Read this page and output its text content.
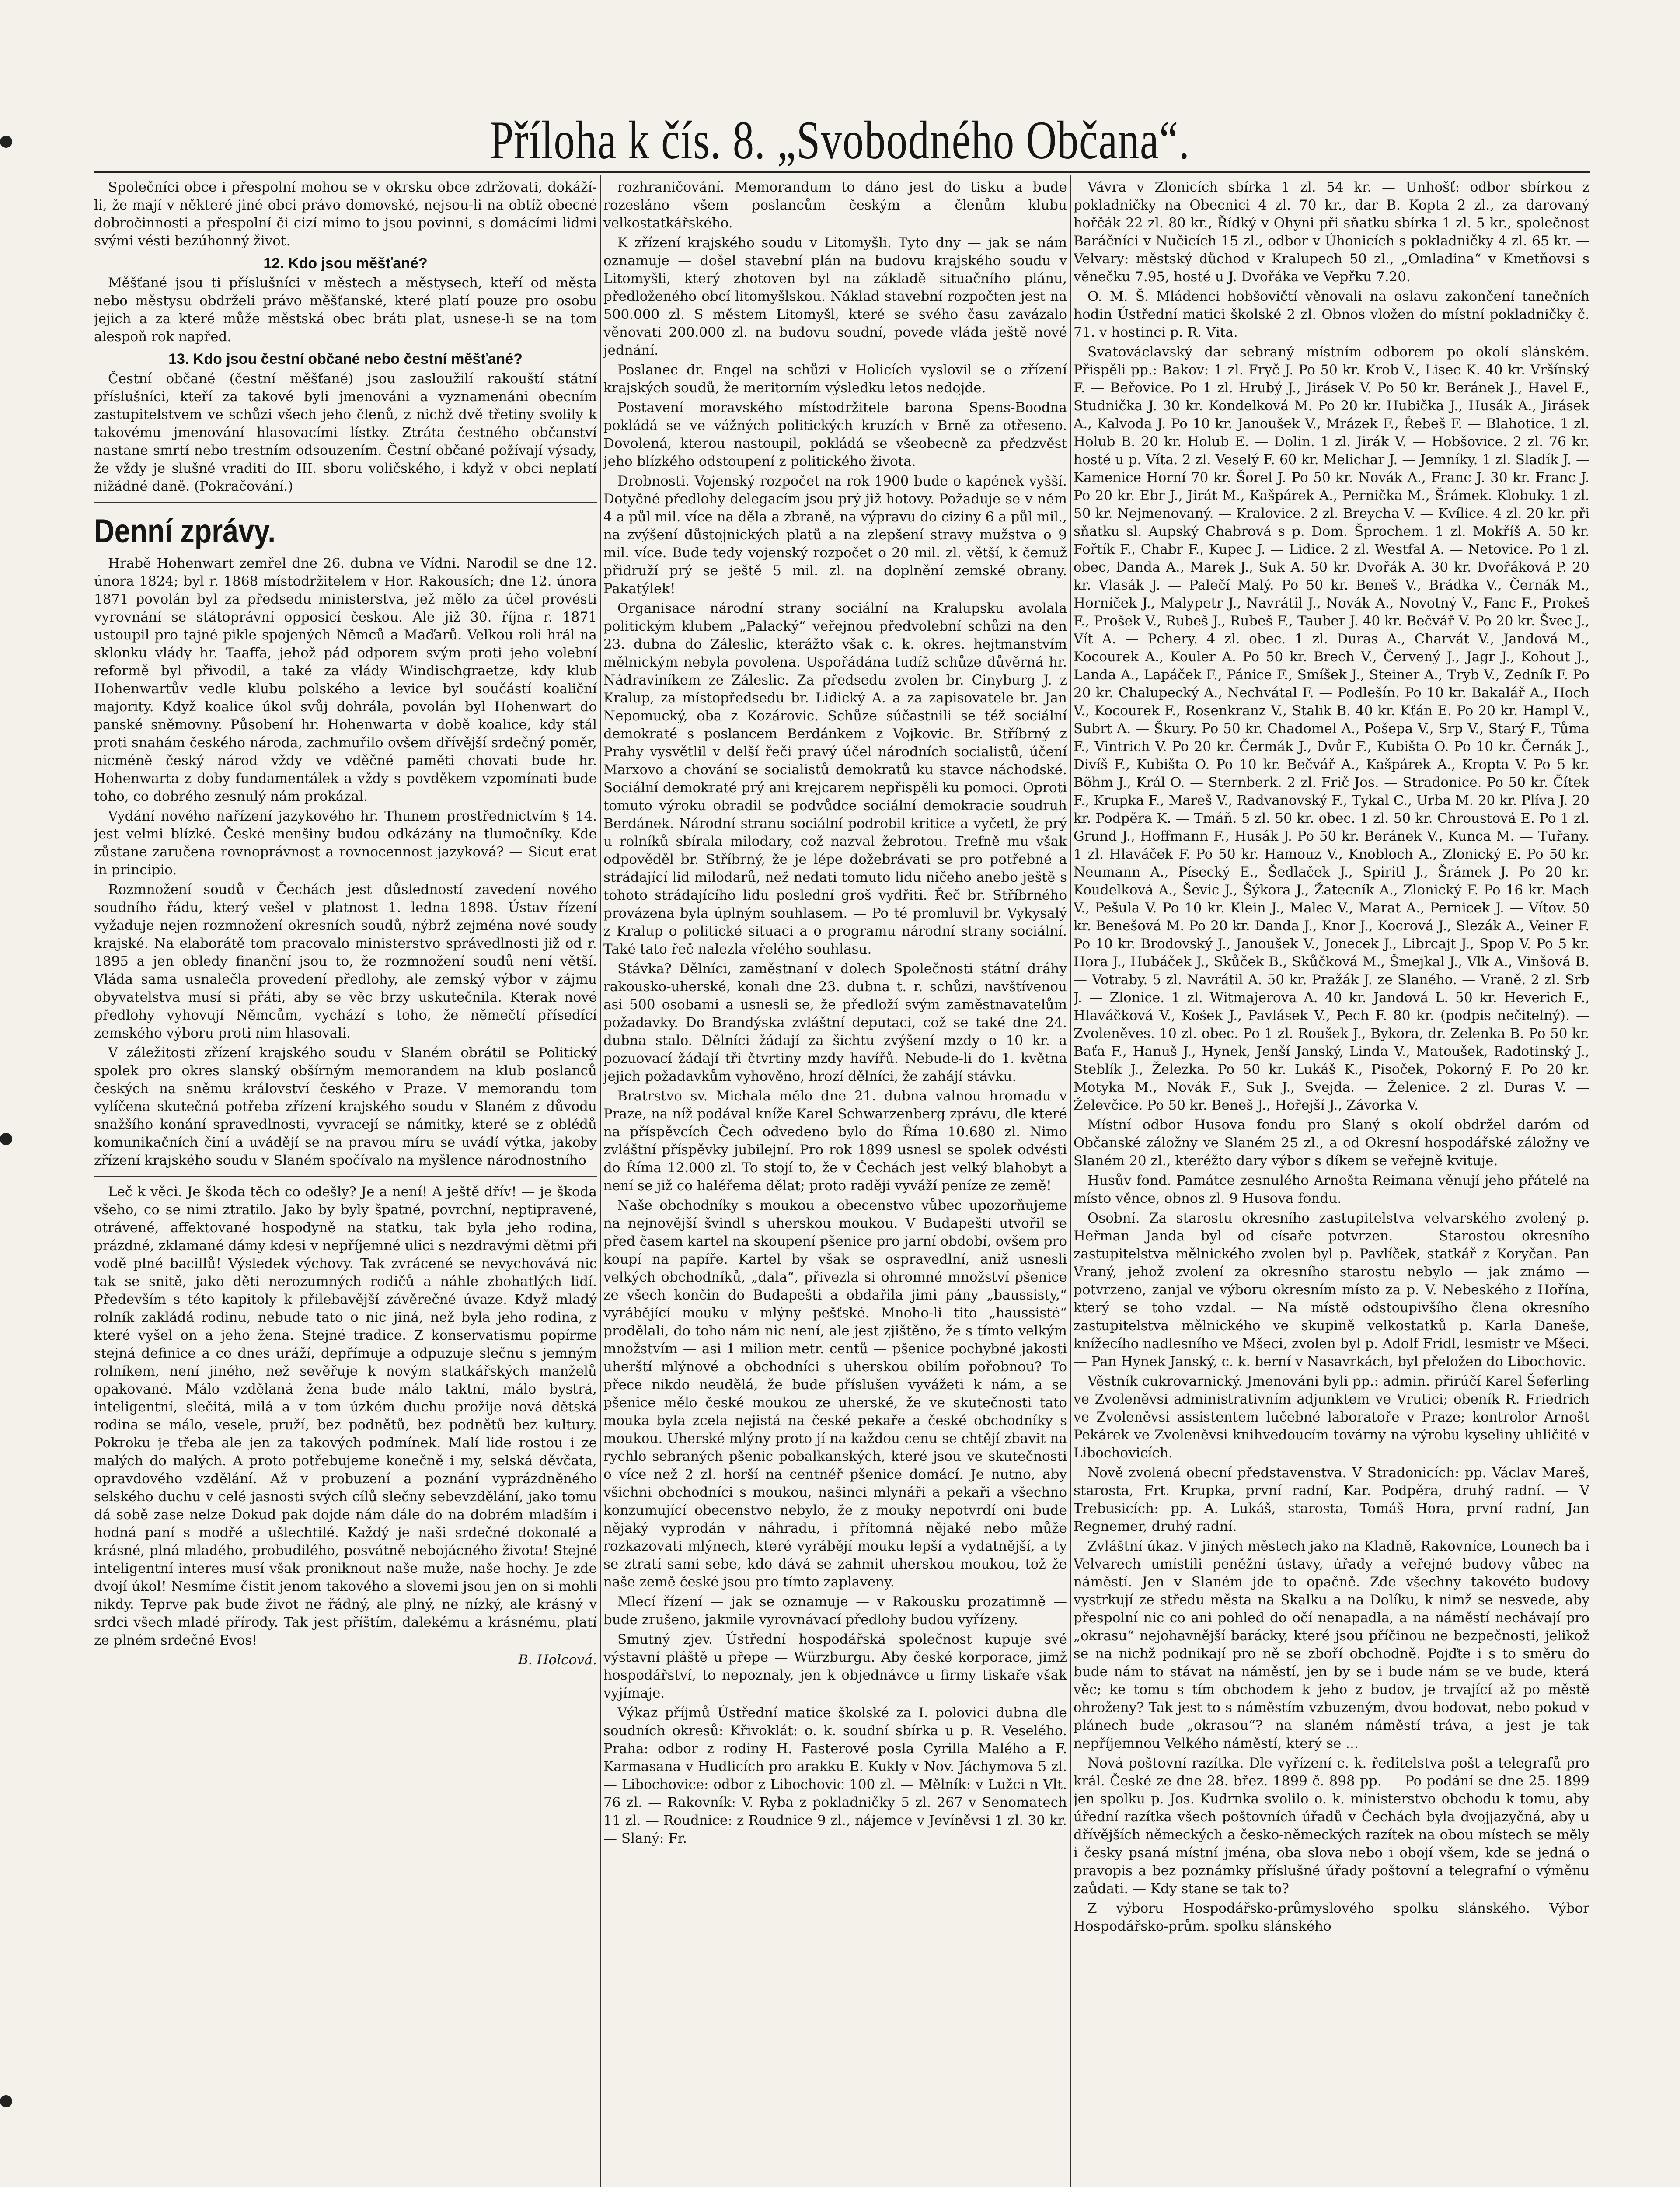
Příloha k čís. 8. „Svobodného Občana“.

Společníci obce i přespolní mohou se v okrsku obce zdržovati, dokáží-li, že mají v některé jiné obci právo domovské, nejsou-li na obtíž obecné dobročinnosti a přespolní či cizí mimo to jsou povinni, s domácími lidmi svými vésti bezúhonný život.

12. Kdo jsou měšťané?

Měšťané jsou ti příslušníci v městech a městysech, kteří od města nebo městysu obdrželi právo měšťanské, které platí pouze pro osobu jejich a za které může městská obec bráti plat, usnese-li se na tom alespoň rok napřed.

13. Kdo jsou čestní občané nebo čestní měšťané?

Čestní občané (čestní měšťané) jsou zasloužilí rakouští státní příslušníci, kteří za takové byli jmenováni a vyznamenáni obecním zastupitelstvem ve schůzi všech jeho členů, z nichž dvě třetiny svolily k takovému jmenování hlasovacími lístky. Ztráta čestného občanství nastane smrtí nebo trestním odsouzením. Čestní občané požívají výsady, že vždy je slušné vraditi do III. sboru voličského, i když v obci neplatí nižádné daně. (Pokračování.)

Denní zprávy.

Hrabě Hohenwart zemřel dne 26. dubna ve Vídni. Narodil se dne 12. února 1824; byl r. 1868 místodržitelem v Hor. Rakousích; dne 12. února 1871 povolán byl za předsedu ministerstva, jež mělo za účel provésti vyrovnání se státoprávní opposicí českou. Ale již 30. října r. 1871 ustoupil pro tajné pikle spojených Němců a Maďarů. Velkou roli hrál na sklonku vlády hr. Taaffa, jehož pád odporem svým proti jeho volební reformě byl přivodil, a také za vlády Windischgraetze, kdy klub Hohenwartův vedle klubu polského a levice byl součástí koaliční majority. Když koalice úkol svůj dohrála, povolán byl Hohenwart do panské sněmovny. Působení hr. Hohenwarta v době koalice, kdy stál proti snahám českého národa, zachmuřilo ovšem dřívější srdečný poměr, nicméně český národ vždy ve vděčné paměti chovati bude hr. Hohenwarta z doby fundamentálek a vždy s povděkem vzpomínati bude toho, co dobrého zesnulý nám prokázal.

Vydání nového nařízení jazykového hr. Thunem prostřednictvím § 14. jest velmi blízké. České menšiny budou odkázány na tlumočníky. Kde zůstane zaručena rovnoprávnost a rovnocennost jazyková? — Sicut erat in principio.

Rozmnožení soudů v Čechách jest důsledností zavedení nového soudního řádu, který vešel v platnost 1. ledna 1898. Ústav řízení vyžaduje nejen rozmnožení okresních soudů, nýbrž zejména nové soudy krajské. Na elaborátě tom pracovalo ministerstvo správedlnosti již od r. 1895 a jen obledy finanční jsou to, že rozmnožení soudů není větší. Vláda sama usnalečla provedení předlohy, ale zemský výbor v zájmu obyvatelstva musí si přáti, aby se věc brzy uskutečnila. Kterak nové předlohy vyhovují Němcům, vychází s toho, že němečtí přísedící zemského výboru proti nim hlasovali.

V záležitosti zřízení krajského soudu v Slaném obrátil se Politický spolek pro okres slanský obšírným memorandem na klub poslanců českých na sněmu království českého v Praze. V memorandu tom vylíčena skutečná potřeba zřízení krajského soudu v Slaném z důvodu snažšího konání spravedlnosti, vyvracejí se námitky, které se z oblédů komunikačních činí a uvádějí se na pravou míru se uvádí výtka, jakoby zřízení krajského soudu v Slaném spočívalo na myšlence národnostního

Leč k věci. Je škoda těch co odešly? Je a není! A ještě dřív! — je škoda všeho, co se nimi ztratilo. Jako by byly špatné, povrchní, neptipravené, otrávené, affektované hospodyně na statku, tak byla jeho rodina, prázdné, zklamané dámy kdesi v nepříjemné ulici s nezdravými dětmi při vodě plné bacillů! Výsledek výchovy. Tak zvrácené se nevychovává nic tak se snitě, jako děti nerozumných rodičů a náhle zbohatlých lidí. Především s této kapitoly k přilebavější závěrečné úvaze. Když mladý rolník zakládá rodinu, nebude tato o nic jiná, než byla jeho rodina, z které vyšel on a jeho žena. Stejné tradice. Z konservatismu popírme stejná definice a co dnes uráží, depřímuje a odpuzuje slečnu s jemným rolníkem, není jiného, než sevěřuje k novým statkářských manželů opakované. Málo vzdělaná žena bude málo taktní, málo bystrá, inteligentní, slečitá, milá a v tom úzkém duchu prožije nová dětská rodina se málo, vesele, pruží, bez podnětů, bez podnětů bez kultury. Pokroku je třeba ale jen za takových podmínek. Malí lide rostou i ze malých do malých. A proto potřebujeme konečně i my, selská děvčata, opravdového vzdělání. Až v probuzení a poznání vyprázdněného selského duchu v celé jasnosti svých cílů slečny sebevzdělání, jako tomu dá sobě zase nelze Dokud pak dojde nám dále do na dobrém mladším i hodná paní s modřé a ušlechtilé. Každý je naši srdečné dokonalé a krásné, plná mladého, probudilého, posvátně nebojácného života! Stejné inteligentní interes musí však proniknout naše muže, naše hochy. Je zde dvojí úkol! Nesmíme čistit jenom takového a slovemi jsou jen on si mohli nikdy. Teprve pak bude život ne řádný, ale plný, ne nízký, ale krásný v srdci všech mladé přírody. Tak jest příštím, dalekému a krásnému, platí ze plném srdečné Evos!

B. Holcová.

rozhraničování. Memorandum to dáno jest do tisku a bude rozesláno všem poslancům českým a členům klubu velkostatkářského.

K zřízení krajského soudu v Litomyšli. Tyto dny — jak se nám oznamuje — došel stavební plán na budovu krajského soudu v Litomyšli, který zhotoven byl na základě situačního plánu, předloženého obcí litomyšlskou. Náklad stavební rozpočten jest na 500.000 zl. S městem Litomyšl, které se svého času zavázalo věnovati 200.000 zl. na budovu soudní, povede vláda ještě nové jednání.

Poslanec dr. Engel na schůzi v Holicích vyslovil se o zřízení krajských soudů, že meritorním výsledku letos nedojde.

Postavení moravského místodržitele barona Spens-Boodna pokládá se ve vážných politických kruzích v Brně za otřeseno. Dovolená, kterou nastoupil, pokládá se všeobecně za předzvěst jeho blízkého odstoupení z politického života.

Drobnosti. Vojenský rozpočet na rok 1900 bude o kapének vyšší. Dotyčné předlohy delegacím jsou prý již hotovy. Požaduje se v něm 4 a půl mil. více na děla a zbraně, na výpravu do ciziny 6 a půl mil., na zvýšení důstojnických platů a na zlepšení stravy mužstva o 9 mil. více. Bude tedy vojenský rozpočet o 20 mil. zl. větší, k čemuž přidruží prý se ještě 5 mil. zl. na doplnění zemské obrany. Pakatýlek!

Organisace národní strany sociální na Kralupsku avolala politickým klubem „Palacký“ veřejnou předvolební schůzi na den 23. dubna do Záleslic, kterážto však c. k. okres. hejtmanstvím mělnickým nebyla povolena. Uspořádána tudíž schůze důvěrná hr. Nádraviníkem ze Záleslic. Za předsedu zvolen br. Cinyburg J. z Kralup, za místopředsedu br. Lidický A. a za zapisovatele br. Jan Nepomucký, oba z Kozárovic. Schůze súčastnili se též sociální demokraté s poslancem Berdánkem z Vojkovic. Br. Stříbrný z Prahy vysvětlil v delší řeči pravý účel národních socialistů, účení Marxovo a chování se socialistů demokratů ku stavce náchodské. Sociální demokraté prý ani krejcarem nepřispěli ku pomoci. Oproti tomuto výroku obradil se podvůdce sociální demokracie soudruh Berdánek. Národní stranu sociální podrobil kritice a vyčetl, že prý u rolníků sbírala milodary, což nazval žebrotou. Trefně mu však odpověděl br. Stříbrný, že je lépe dožebrávati se pro potřebné a strádající lid milodarů, než nedati tomuto lidu ničeho anebo ještě s tohoto strádajícího lidu poslední groš vydřiti. Řeč br. Stříbrného provázena byla úplným souhlasem. — Po té promluvil br. Vykysalý z Kralup o politické situaci a o programu národní strany sociální. Také tato řeč nalezla vřelého souhlasu.

Stávka? Dělníci, zaměstnaní v dolech Společnosti státní dráhy rakousko-uherské, konali dne 23. dubna t. r. schůzi, navštívenou asi 500 osobami a usnesli se, že předloží svým zaměstnavatelům požadavky. Do Brandýska zvláštní deputaci, což se také dne 24. dubna stalo. Dělníci žádají za šichtu zvýšení mzdy o 10 kr. a pozuovací žádají tři čtvrtiny mzdy havířů. Nebude-li do 1. května jejich požadavkům vyhověno, hrozí dělníci, že zahájí stávku.

Bratrstvo sv. Michala mělo dne 21. dubna valnou hromadu v Praze, na níž podával kníže Karel Schwarzenberg zprávu, dle které na příspěvcích Čech odvedeno bylo do Říma 10.680 zl. Nimo zvláštní příspěvky jubilejní. Pro rok 1899 usnesl se spolek odvésti do Říma 12.000 zl. To stojí to, že v Čechách jest velký blahobyt a není se již co haléřema dělat; proto raději vyváží peníze ze země!

Naše obchodníky s moukou a obecenstvo vůbec upozorňujeme na nejnovější švindl s uherskou moukou. V Budapešti utvořil se před časem kartel na skoupení pšenice pro jarní období, ovšem pro koupí na papíře. Kartel by však se ospravedlní, aniž usnesli velkých obchodníků, „dala“, přivezla si ohromné množství pšenice ze všech končin do Budapešti a obdařila jimi pány „baussisty,“ vyrábějící mouku v mlýny pešťské. Mnoho-li tito „haussisté“ prodělali, do toho nám nic není, ale jest zjištěno, že s tímto velkým množstvím — asi 1 milion metr. centů — pšenice pochybné jakosti uherští mlýnové a obchodníci s uherskou obilím pořobnou? To přece nikdo neudělá, že bude příslušen vyvážeti k nám, a se pšenice mělo české moukou ze uherské, že ve skutečnosti tato mouka byla zcela nejistá na české pekaře a české obchodníky s moukou. Uherské mlýny proto jí na každou cenu se chtějí zbavit na rychlo sebraných pšenic pobalkanských, které jsou ve skutečnosti o více než 2 zl. horší na centnéř pšenice domácí. Je nutno, aby všichni obchodníci s moukou, našinci mlynáři a pekaři a všechno konzumující obecenstvo nebylo, že z mouky nepotvrdí oni bude nějaký vyprodán v náhradu, i přítomná nějaké nebo může rozkazovati mlýnech, které vyrábějí mouku lepší a vydatnější, a ty se ztratí sami sebe, kdo dává se zahmit uherskou moukou, tož že naše země české jsou pro tímto zaplaveny.

Mlecí řízení — jak se oznamuje — v Rakousku prozatimně — bude zrušeno, jakmile vyrovnávací předlohy budou vyřízeny.

Smutný zjev. Ústřední hospodářská společnost kupuje své výstavní pláště u přepe — Würzburgu. Aby české korporace, jimž hospodářství, to nepoznaly, jen k objednávce u firmy tiskaře však vyjímaje.

Výkaz příjmů Ústřední matice školské za I. polovici dubna dle soudních okresů: Křivoklát: o. k. soudní sbírka u p. R. Veselého. Praha: odbor z rodiny H. Fasterové posla Cyrilla Malého a F. Karmasana v Hudlicích pro arakku E. Kukly v Nov. Jáchymova 5 zl. — Libochovice: odbor z Libochovic 100 zl. — Mělník: v Lužci n Vlt. 76 zl. — Rakovník: V. Ryba z pokladničky 5 zl. 267 v Senomatech 11 zl. — Roudnice: z Roudnice 9 zl., nájemce v Jevíněvsi 1 zl. 30 kr. — Slaný: Fr.

Vávra v Zlonicích sbírka 1 zl. 54 kr. — Unhošť: odbor sbírkou z pokladničky na Obecnici 4 zl. 70 kr., dar B. Kopta 2 zl., za darovaný hořčák 22 zl. 80 kr., Řídký v Ohyni při sňatku sbírka 1 zl. 5 kr., společnost Baráčníci v Nučicích 15 zl., odbor v Úhonicích s pokladničky 4 zl. 65 kr. — Velvary: městský důchod v Kralupech 50 zl., „Omladina“ v Kmetňovsi s věnečku 7.95, hosté u J. Dvořáka ve Vepřku 7.20.

O. M. Š. Mládenci hobšovičtí věnovali na oslavu zakončení tanečních hodin Ústřední matici školské 2 zl. Obnos vložen do místní pokladničky č. 71. v hostinci p. R. Vita.

Svatováclavský dar sebraný místním odborem po okolí slánském. Přispěli pp.: Bakov: 1 zl. Fryč J. Po 50 kr. Krob V., Lisec K. 40 kr. Vršínský F. — Beřovice. Po 1 zl. Hrubý J., Jirásek V. Po 50 kr. Beránek J., Havel F., Studnička J. 30 kr. Kondelková M. Po 20 kr. Hubička J., Husák A., Jirásek A., Kalvoda J. Po 10 kr. Janoušek V., Mrázek F., Řebeš F. — Blahotice. 1 zl. Holub B. 20 kr. Holub E. — Dolin. 1 zl. Jirák V. — Hobšovice. 2 zl. 76 kr. hosté u p. Víta. 2 zl. Veselý F. 60 kr. Melichar J. — Jemníky. 1 zl. Sladík J. — Kamenice Horní 70 kr. Šorel J. Po 50 kr. Novák A., Franc J. 30 kr. Franc J. Po 20 kr. Ebr J., Jirát M., Kašpárek A., Pernička M., Šrámek. Klobuky. 1 zl. 50 kr. Nejmenovaný. — Kralovice. 2 zl. Breycha V. — Kvílice. 4 zl. 20 kr. při sňatku sl. Aupský Chabrová s p. Dom. Šprochem. 1 zl. Mokříš A. 50 kr. Fořtík F., Chabr F., Kupec J. — Lidice. 2 zl. Westfal A. — Netovice. Po 1 zl. obec, Danda A., Marek J., Suk A. 50 kr. Dvořák A. 30 kr. Dvořáková P. 20 kr. Vlasák J. — Palečí Malý. Po 50 kr. Beneš V., Brádka V., Černák M., Horníček J., Malypetr J., Navrátil J., Novák A., Novotný V., Fanc F., Prokeš F., Prošek V., Rubeš J., Rubeš F., Tauber J. 40 kr. Bečvář V. Po 20 kr. Švec J., Vít A. — Pchery. 4 zl. obec. 1 zl. Duras A., Charvát V., Jandová M., Kocourek A., Kouler A. Po 50 kr. Brech V., Červený J., Jagr J., Kohout J., Landa A., Lapáček F., Pánice F., Smíšek J., Steiner A., Tryb V., Zedník F. Po 20 kr. Chalupecký A., Nechvátal F. — Podlešín. Po 10 kr. Bakalář A., Hoch V., Kocourek F., Rosenkranz V., Stalik B. 40 kr. Kťán E. Po 20 kr. Hampl V., Subrt A. — Škury. Po 50 kr. Chadomel A., Pošepa V., Srp V., Starý F., Tůma F., Vintrich V. Po 20 kr. Čermák J., Dvůr F., Kubišta O. Po 10 kr. Černák J., Divíš F., Kubišta O. Po 10 kr. Bečvář A., Kašpárek A., Kropta V. Po 5 kr. Böhm J., Král O. — Sternberk. 2 zl. Frič Jos. — Stradonice. Po 50 kr. Čítek F., Krupka F., Mareš V., Radvanovský F., Tykal C., Urba M. 20 kr. Plíva J. 20 kr. Podpěra K. — Tmáň. 5 zl. 50 kr. obec. 1 zl. 50 kr. Chroustová E. Po 1 zl. Grund J., Hoffmann F., Husák J. Po 50 kr. Beránek V., Kunca M. — Tuřany. 1 zl. Hlaváček F. Po 50 kr. Hamouz V., Knobloch A., Zlonický E. Po 50 kr. Neumann A., Písecký E., Šedlaček J., Spiritl J., Šrámek J. Po 20 kr. Koudelková A., Ševic J., Šýkora J., Žatecník A., Zlonický F. Po 16 kr. Mach V., Pešula V. Po 10 kr. Klein J., Malec V., Marat A., Pernicek J. — Vítov. 50 kr. Benešová M. Po 20 kr. Danda J., Knor J., Kocrová J., Slezák A., Veiner F. Po 10 kr. Brodovský J., Janoušek V., Jonecek J., Librcajt J., Spop V. Po 5 kr. Hora J., Hubáček J., Skůček B., Skůčková M., Šmejkal J., Vlk A., Vinšová B. — Votraby. 5 zl. Navrátil A. 50 kr. Pražák J. ze Slaného. — Vraně. 2 zl. Srb J. — Zlonice. 1 zl. Witmajerova A. 40 kr. Jandová L. 50 kr. Heverich F., Hlaváčková V., Kośek J., Pavlásek V., Pech F. 80 kr. (podpis nečitelný). — Zvoleněves. 10 zl. obec. Po 1 zl. Roušek J., Bykora, dr. Zelenka B. Po 50 kr. Baťa F., Hanuš J., Hynek, Jenší Janský, Linda V., Matoušek, Radotinský J., Steblík J., Železka. Po 50 kr. Lukáš K., Pisoček, Pokorný F. Po 20 kr. Motyka M., Novák F., Suk J., Svejda. — Želenice. 2 zl. Duras V. — Želevčice. Po 50 kr. Beneš J., Hořejší J., Závorka V.

Místní odbor Husova fondu pro Slaný s okolí obdržel daróm od Občanské záložny ve Slaném 25 zl., a od Okresní hospodářské záložny ve Slaném 20 zl., kteréžto dary výbor s díkem se veřejně kvituje.

Husův fond. Památce zesnulého Arnošta Reimana věnují jeho přátelé na místo věnce, obnos zl. 9 Husova fondu.

Osobní. Za starostu okresního zastupitelstva velvarského zvolený p. Heřman Janda byl od císaře potvrzen. — Starostou okresního zastupitelstva mělnického zvolen byl p. Pavlíček, statkář z Koryčan. Pan Vraný, jehož zvolení za okresního starostu nebylo — jak známo — potvrzeno, zanjal ve výboru okresním místo za p. V. Nebeského z Hořína, který se toho vzdal. — Na místě odstoupivšího člena okresního zastupitelstva mělnického ve skupině velkostatků p. Karla Daneše, knížecího nadlesního ve Mšeci, zvolen byl p. Adolf Fridl, lesmistr ve Mšeci. — Pan Hynek Janský, c. k. berní v Nasavrkách, byl přeložen do Libochovic.

Věstník cukrovarnický. Jmenováni byli pp.: admin. přirúčí Karel Šeferling ve Zvoleněvsi administrativním adjunktem ve Vrutici; obeník R. Friedrich ve Zvoleněvsi assistentem lučebné laboratoře v Praze; kontrolor Arnošt Pekárek ve Zvoleněvsi knihvedoucím továrny na výrobu kyseliny uhličité v Libochovicích.

Nově zvolená obecní představenstva. V Stradonicích: pp. Václav Mareš, starosta, Frt. Krupka, první radní, Kar. Podpěra, druhý radní. — V Trebusicích: pp. A. Lukáš, starosta, Tomáš Hora, první radní, Jan Regnemer, druhý radní.

Zvláštní úkaz. V jiných městech jako na Kladně, Rakovníce, Lounech ba i Velvarech umístili peněžní ústavy, úřady a veřejné budovy vůbec na náměstí. Jen v Slaném jde to opačně. Zde všechny takovéto budovy vystrkují ze středu města na Skalku a na Dolíku, k nimž se nesvede, aby přespolní nic co ani pohled do očí nenapadla, a na náměstí nechávají pro „okrasu“ nejohavnější barácky, které jsou příčinou ne bezpečnosti, jelikož se na nichž podnikají pro ně se zboří obchodně. Pojďte i s to směru do bude nám to stávat na náměstí, jen by se i bude nám se ve bude, která věc; ke tomu s tím obchodem k jeho z budov, je trvající až po městě ohroženy? Tak jest to s náměstím vzbuzeným, dvou bodovat, nebo pokud v plánech bude „okrasou“? na slaném náměstí tráva, a jest je tak nepříjemnou Velkého náměstí, který se ...

Nová poštovní razítka. Dle vyřízení c. k. ředitelstva pošt a telegrafů pro král. České ze dne 28. břez. 1899 č. 898 pp. — Po podání se dne 25. 1899 jen spolku p. Jos. Kudrnka svolilo o. k. ministerstvo obchodu k tomu, aby úřední razítka všech poštovních úřadů v Čechách byla dvojjazyčná, aby u dřívějších německých a česko-německých razítek na obou místech se měly i česky psaná místní jména, oba slova nebo i obojí všem, kde se jedná o pravopis a bez poznámky příslušné úřady poštovní a telegrafní o výměnu zaůdati. — Kdy stane se tak to?

Z výboru Hospodářsko-průmyslového spolku slánského. Výbor Hospodářsko-prům. spolku slánského
